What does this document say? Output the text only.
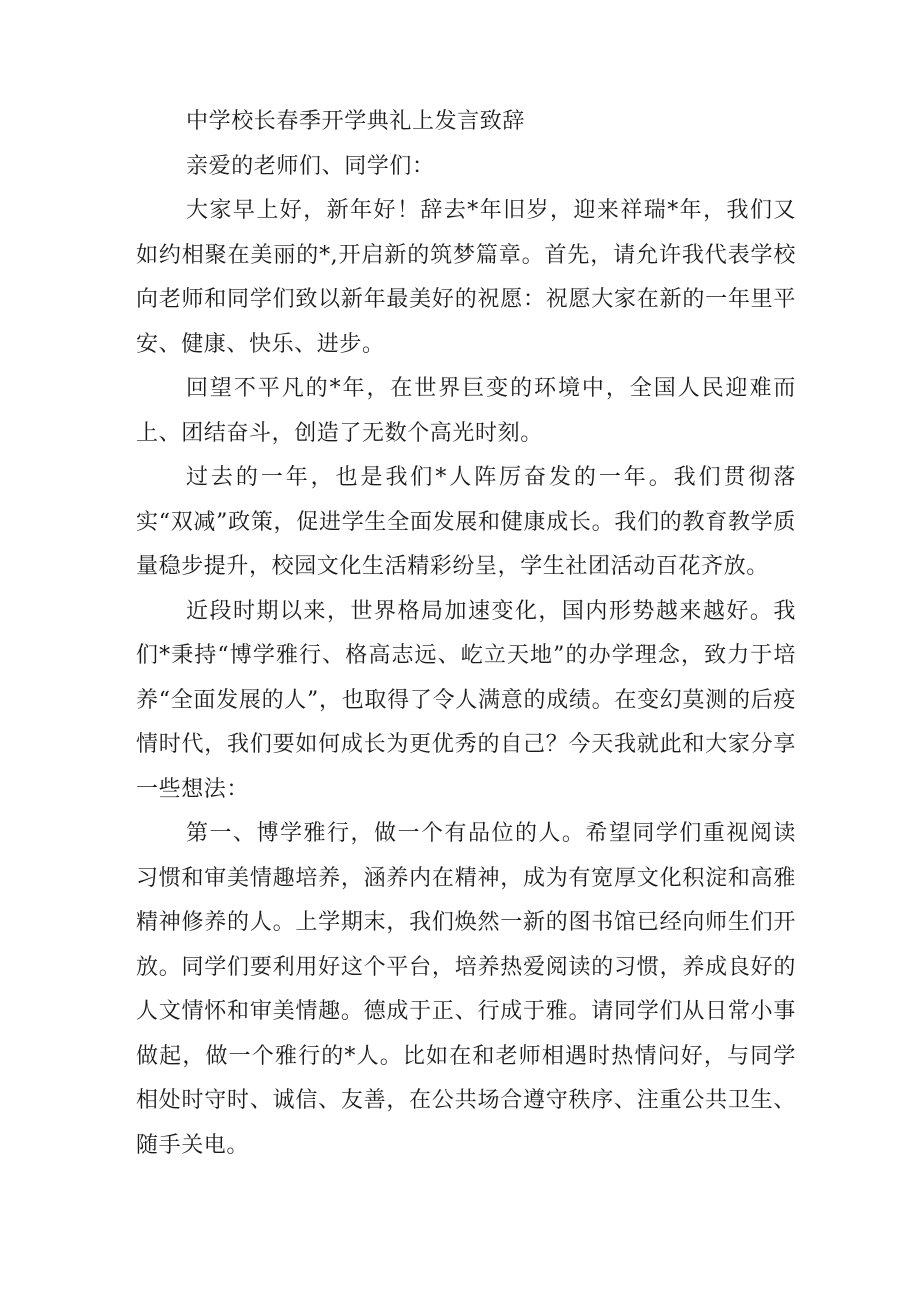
中学校长春季开学典礼上发言致辞
亲爱的老师们、同学们：

大家早上好，新年好！辞去*年旧岁，迎来祥瑞*年，我们又如约相聚在美丽的*,开启新的筑梦篇章。首先，请允许我代表学校向老师和同学们致以新年最美好的祝愿：祝愿大家在新的一年里平安、健康、快乐、进步。

回望不平凡的*年，在世界巨变的环境中，全国人民迎难而上、团结奋斗，创造了无数个高光时刻。

过去的一年，也是我们*人阵厉奋发的一年。我们贯彻落实“双减”政策，促进学生全面发展和健康成长。我们的教育教学质量稳步提升，校园文化生活精彩纷呈，学生社团活动百花齐放。

近段时期以来，世界格局加速变化，国内形势越来越好。我们*秉持“博学雅行、格高志远、屹立天地”的办学理念，致力于培养“全面发展的人”，也取得了令人满意的成绩。在变幻莫测的后疫情时代，我们要如何成长为更优秀的自己？今天我就此和大家分享一些想法：

第一、博学雅行，做一个有品位的人。希望同学们重视阅读习惯和审美情趣培养，涵养内在精神，成为有宽厚文化积淀和高雅精神修养的人。上学期末，我们焕然一新的图书馆已经向师生们开放。同学们要利用好这个平台，培养热爱阅读的习惯，养成良好的人文情怀和审美情趣。德成于正、行成于雅。请同学们从日常小事做起，做一个雅行的*人。比如在和老师相遇时热情问好，与同学相处时守时、诚信、友善，在公共场合遵守秩序、注重公共卫生、随手关电。
